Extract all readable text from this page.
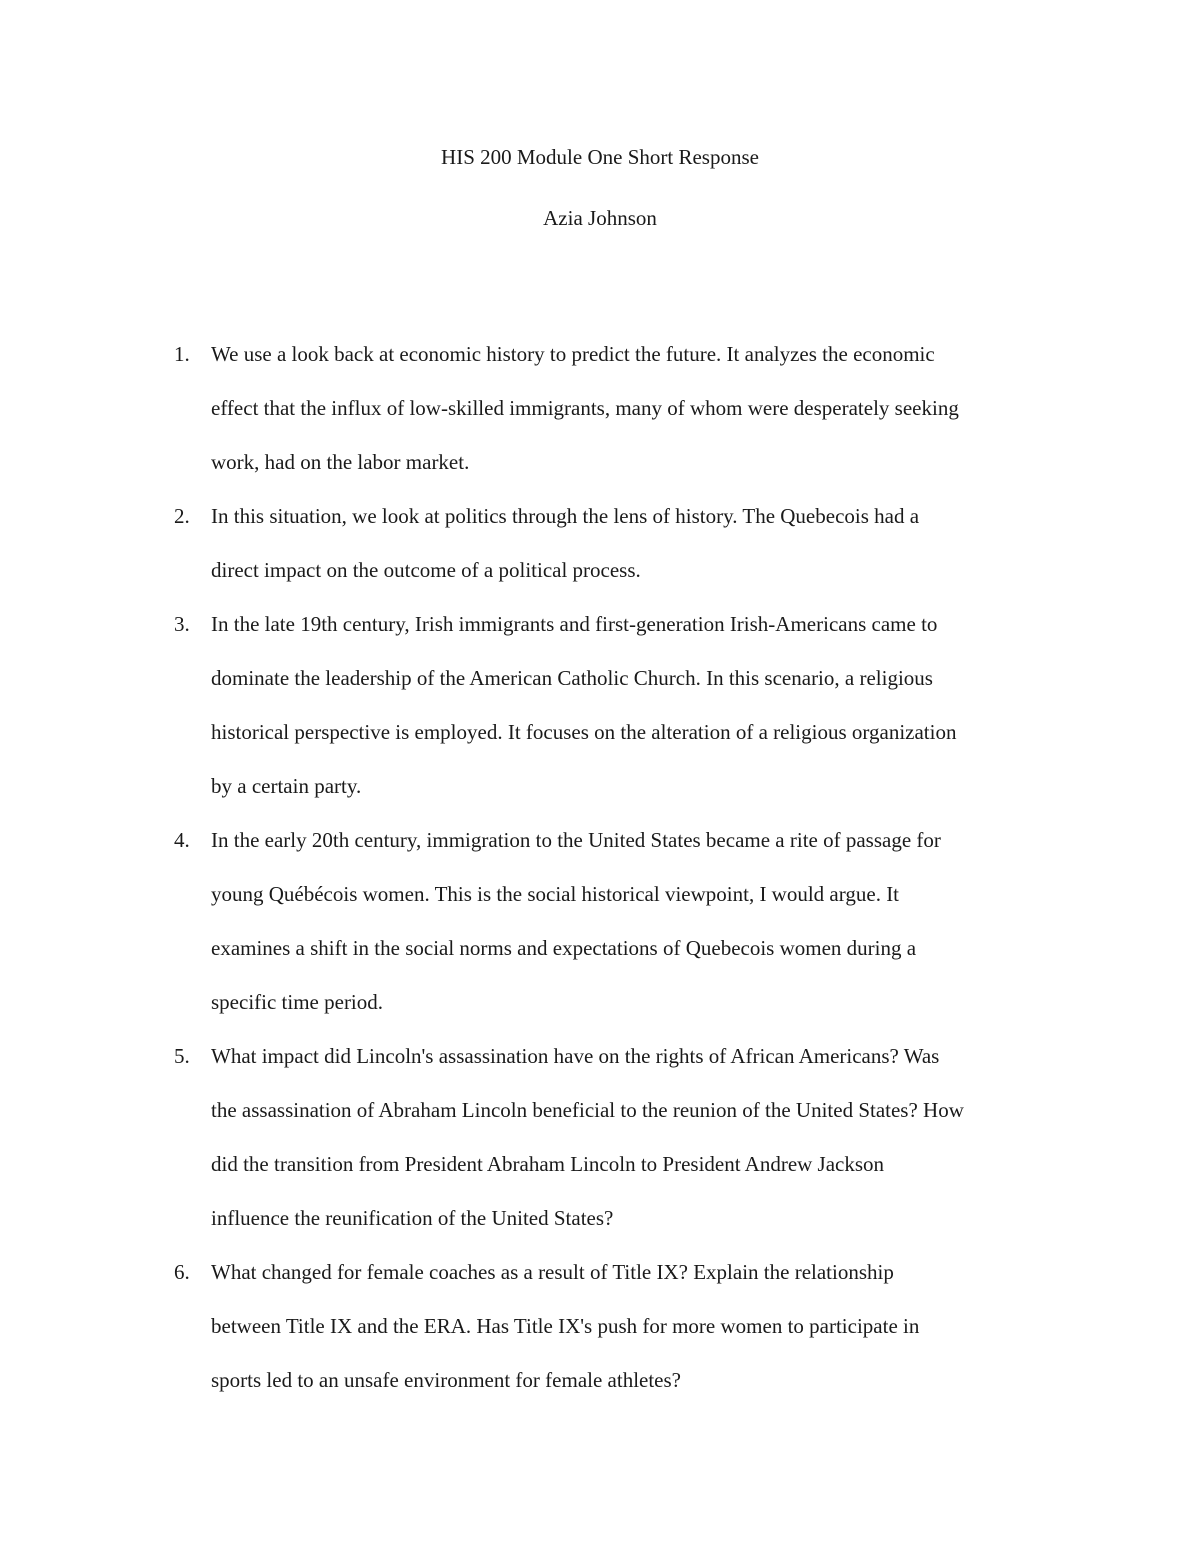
HIS 200 Module One Short Response
Azia Johnson
1. We use a look back at economic history to predict the future. It analyzes the economic
effect that the influx of low-skilled immigrants, many of whom were desperately seeking
work, had on the labor market.
2. In this situation, we look at politics through the lens of history. The Quebecois had a
direct impact on the outcome of a political process.
3. In the late 19th century, Irish immigrants and first-generation Irish-Americans came to
dominate the leadership of the American Catholic Church. In this scenario, a religious
historical perspective is employed. It focuses on the alteration of a religious organization
by a certain party.
4. In the early 20th century, immigration to the United States became a rite of passage for
young Québécois women. This is the social historical viewpoint, I would argue. It
examines a shift in the social norms and expectations of Quebecois women during a
specific time period.
5. What impact did Lincoln's assassination have on the rights of African Americans? Was
the assassination of Abraham Lincoln beneficial to the reunion of the United States? How
did the transition from President Abraham Lincoln to President Andrew Jackson
influence the reunification of the United States?
6. What changed for female coaches as a result of Title IX? Explain the relationship
between Title IX and the ERA. Has Title IX's push for more women to participate in
sports led to an unsafe environment for female athletes?
